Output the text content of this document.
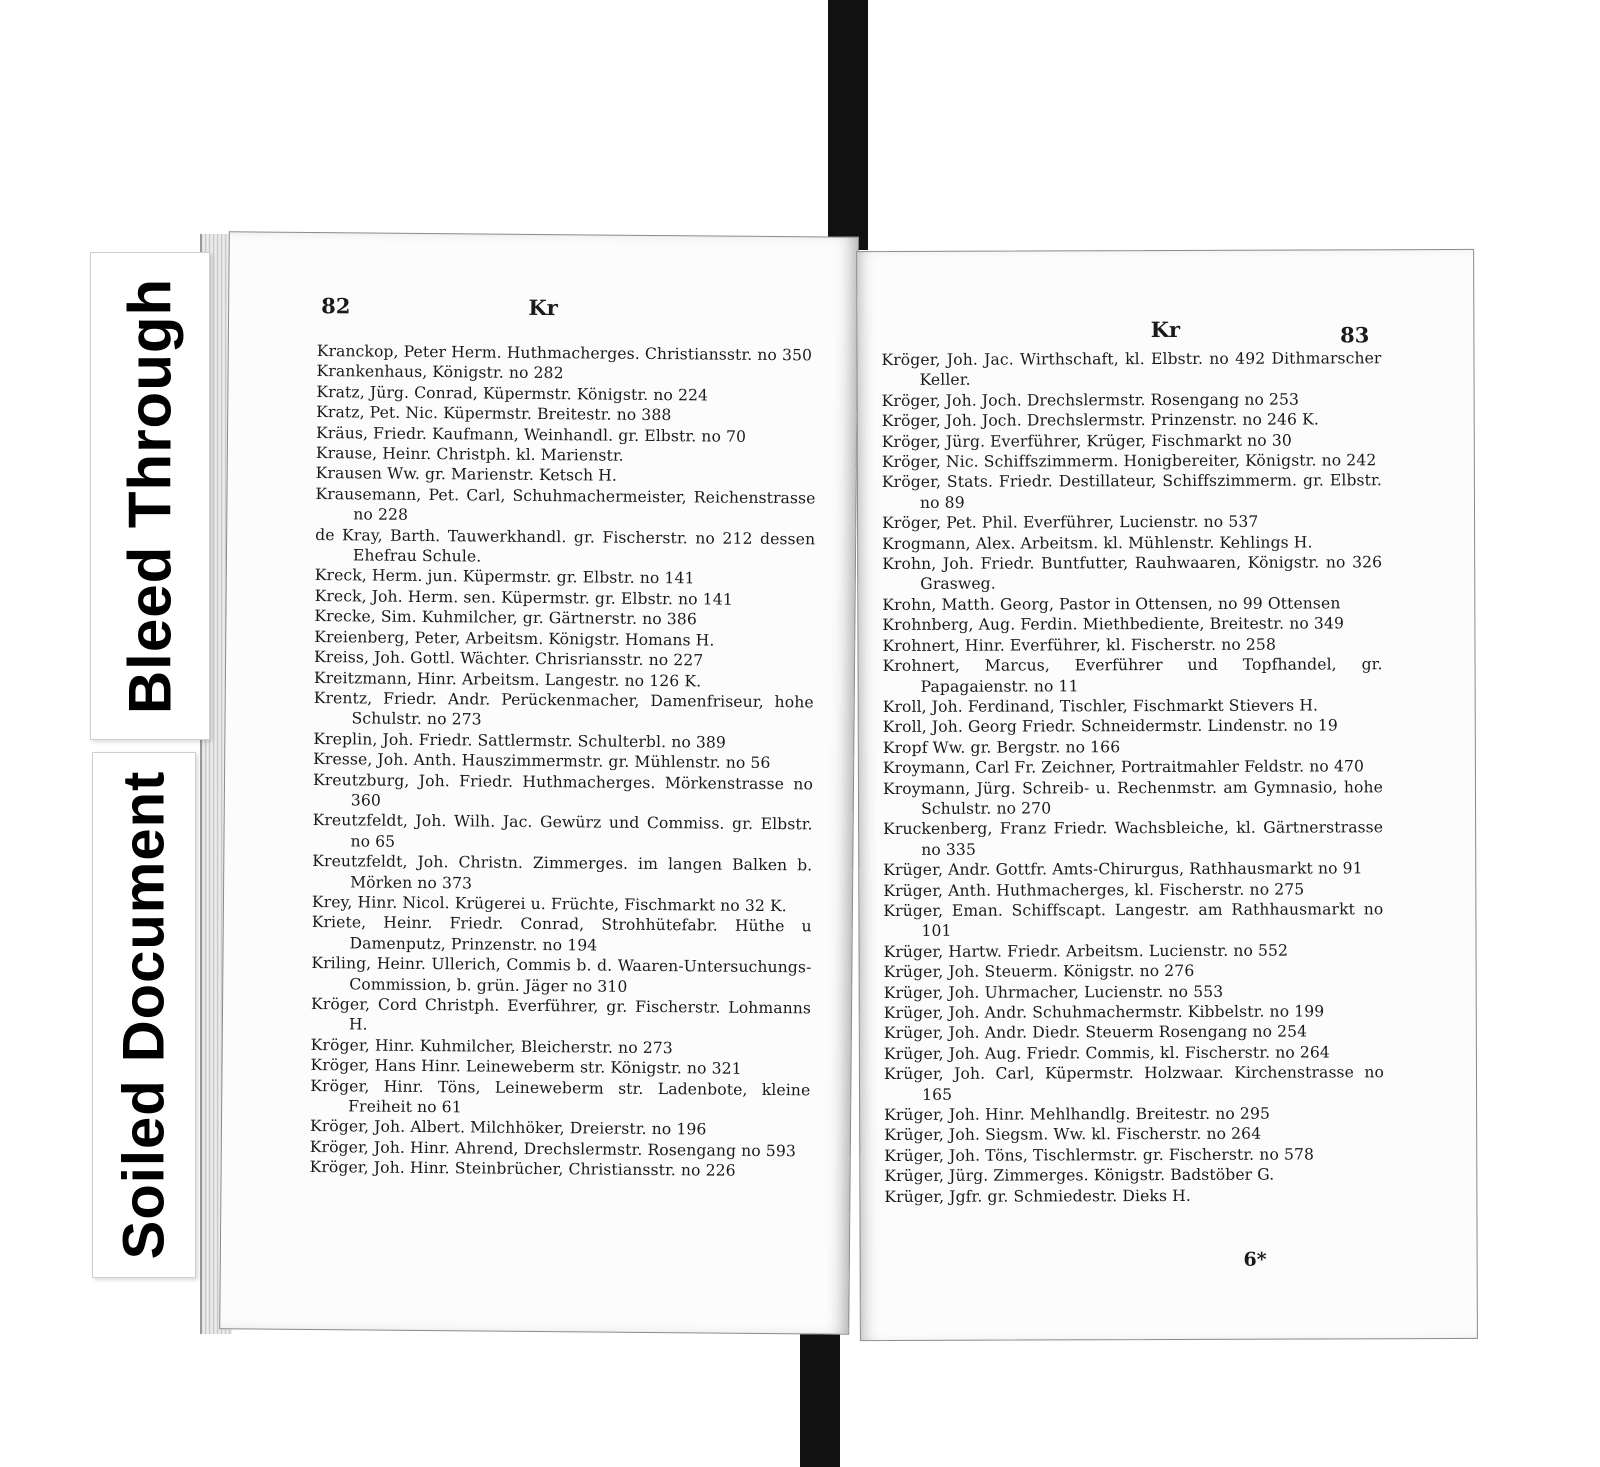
Bleed Through
Soiled Document
82	Kr
Kranckop, Peter Herm. Huthmacherges. Christiansstr. no 350
Krankenhaus, Königstr. no 282
Kratz, Jürg. Conrad, Küpermstr. Königstr. no 224
Kratz, Pet. Nic. Küpermstr. Breitestr. no 388
Kräus, Friedr. Kaufmann, Weinhandl. gr. Elbstr. no 70
Krause, Heinr. Christph. kl. Marienstr.
Krausen Ww. gr. Marienstr. Ketsch H.
Krausemann, Pet. Carl, Schuhmachermeister, Reichenstrasse no 228
de Kray, Barth. Tauwerkhandl. gr. Fischerstr. no 212 dessen Ehefrau Schule.
Kreck, Herm. jun. Küpermstr. gr. Elbstr. no 141
Kreck, Joh. Herm. sen. Küpermstr. gr. Elbstr. no 141
Krecke, Sim. Kuhmilcher, gr. Gärtnerstr. no 386
Kreienberg, Peter, Arbeitsm. Königstr. Homans H.
Kreiss, Joh. Gottl. Wächter. Chrisriansstr. no 227
Kreitzmann, Hinr. Arbeitsm. Langestr. no 126 K.
Krentz, Friedr. Andr. Perückenmacher, Damenfriseur, hohe Schulstr. no 273
Kreplin, Joh. Friedr. Sattlermstr. Schulterbl. no 389
Kresse, Joh. Anth. Hauszimmermstr. gr. Mühlenstr. no 56
Kreutzburg, Joh. Friedr. Huthmacherges. Mörkenstrasse no 360
Kreutzfeldt, Joh. Wilh. Jac. Gewürz und Commiss. gr. Elbstr. no 65
Kreutzfeldt, Joh. Christn. Zimmerges. im langen Balken b. Mörken no 373
Krey, Hinr. Nicol. Krügerei u. Früchte, Fischmarkt no 32 K.
Kriete, Heinr. Friedr. Conrad, Strohhütefabr. Hüthe u Damenputz, Prinzenstr. no 194
Kriling, Heinr. Ullerich, Commis b. d. Waaren-Untersuchungs-Commission, b. grün. Jäger no 310
Kröger, Cord Christph. Everführer, gr. Fischerstr. Lohmanns H.
Kröger, Hinr. Kuhmilcher, Bleicherstr. no 273
Kröger, Hans Hinr. Leineweberm str. Königstr. no 321
Kröger, Hinr. Töns, Leineweberm str. Ladenbote, kleine Freiheit no 61
Kröger, Joh. Albert. Milchhöker, Dreierstr. no 196
Kröger, Joh. Hinr. Ahrend, Drechslermstr. Rosengang no 593
Kröger, Joh. Hinr. Steinbrücher, Christiansstr. no 226
Kr	83
Kröger, Joh. Jac. Wirthschaft, kl. Elbstr. no 492 Dithmarscher Keller.
Kröger, Joh. Joch. Drechslermstr. Rosengang no 253
Kröger, Joh. Joch. Drechslermstr. Prinzenstr. no 246 K.
Kröger, Jürg. Everführer, Krüger, Fischmarkt no 30
Kröger, Nic. Schiffszimmerm. Honigbereiter, Königstr. no 242
Kröger, Stats. Friedr. Destillateur, Schiffszimmerm. gr. Elbstr. no 89
Kröger, Pet. Phil. Everführer, Lucienstr. no 537
Krogmann, Alex. Arbeitsm. kl. Mühlenstr. Kehlings H.
Krohn, Joh. Friedr. Buntfutter, Rauhwaaren, Königstr. no 326 Grasweg.
Krohn, Matth. Georg, Pastor in Ottensen, no 99 Ottensen
Krohnberg, Aug. Ferdin. Miethbediente, Breitestr. no 349
Krohnert, Hinr. Everführer, kl. Fischerstr. no 258
Krohnert, Marcus, Everführer und Topfhandel, gr. Papagaienstr. no 11
Kroll, Joh. Ferdinand, Tischler, Fischmarkt Stievers H.
Kroll, Joh. Georg Friedr. Schneidermstr. Lindenstr. no 19
Kropf Ww. gr. Bergstr. no 166
Kroymann, Carl Fr. Zeichner, Portraitmahler Feldstr. no 470
Kroymann, Jürg. Schreib- u. Rechenmstr. am Gymnasio, hohe Schulstr. no 270
Kruckenberg, Franz Friedr. Wachsbleiche, kl. Gärtnerstrasse no 335
Krüger, Andr. Gottfr. Amts-Chirurgus, Rathhausmarkt no 91
Krüger, Anth. Huthmacherges, kl. Fischerstr. no 275
Krüger, Eman. Schiffscapt. Langestr. am Rathhausmarkt no 101
Krüger, Hartw. Friedr. Arbeitsm. Lucienstr. no 552
Krüger, Joh. Steuerm. Königstr. no 276
Krüger, Joh. Uhrmacher, Lucienstr. no 553
Krüger, Joh. Andr. Schuhmachermstr. Kibbelstr. no 199
Krüger, Joh. Andr. Diedr. Steuerm Rosengang no 254
Krüger, Joh. Aug. Friedr. Commis, kl. Fischerstr. no 264
Krüger, Joh. Carl, Küpermstr. Holzwaar. Kirchenstrasse no 165
Krüger, Joh. Hinr. Mehlhandlg. Breitestr. no 295
Krüger, Joh. Siegsm. Ww. kl. Fischerstr. no 264
Krüger, Joh. Töns, Tischlermstr. gr. Fischerstr. no 578
Krüger, Jürg. Zimmerges. Königstr. Badstöber G.
Krüger, Jgfr. gr. Schmiedestr. Dieks H.
6*
